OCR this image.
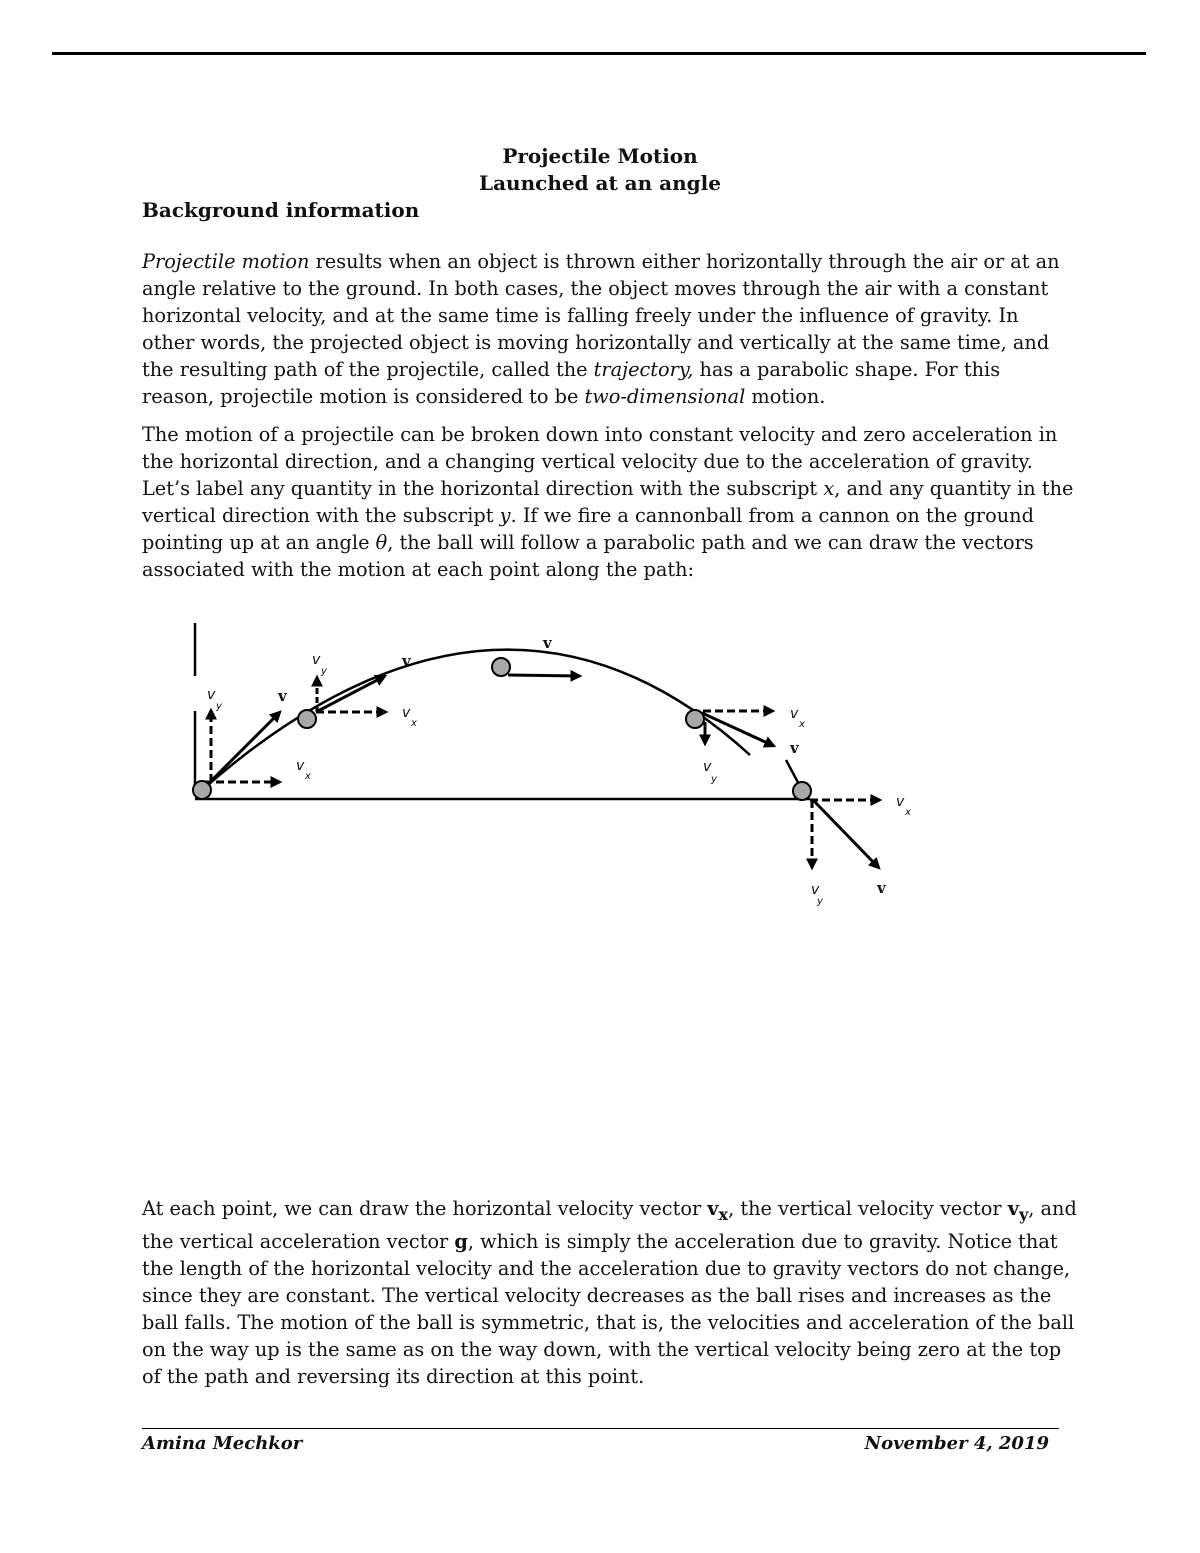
Projectile Motion
Launched at an angle
Background information
Projectile motion results when an object is thrown either horizontally through the air or at an angle relative to the ground. In both cases, the object moves through the air with a constant horizontal velocity, and at the same time is falling freely under the influence of gravity. In other words, the projected object is moving horizontally and vertically at the same time, and the resulting path of the projectile, called the trajectory, has a parabolic shape. For this reason, projectile motion is considered to be two-dimensional motion.
The motion of a projectile can be broken down into constant velocity and zero acceleration in the horizontal direction, and a changing vertical velocity due to the acceleration of gravity. Let’s label any quantity in the horizontal direction with the subscript x, and any quantity in the vertical direction with the subscript y. If we fire a cannonball from a cannon on the ground pointing up at an angle θ, the ball will follow a parabolic path and we can draw the vectors associated with the motion at each point along the path:
v
v
y
v
x
v
y
v
v
x
v
v
x
v
v
y
v
x
v
y
v
At each point, we can draw the horizontal velocity vector $v_x$, the vertical velocity vector $v_y$, and the vertical acceleration vector g, which is simply the acceleration due to gravity. Notice that the length of the horizontal velocity and the acceleration due to gravity vectors do not change, since they are constant. The vertical velocity decreases as the ball rises and increases as the ball falls. The motion of the ball is symmetric, that is, the velocities and acceleration of the ball on the way up is the same as on the way down, with the vertical velocity being zero at the top of the path and reversing its direction at this point.
Amina Mechkor	November 4, 2019
